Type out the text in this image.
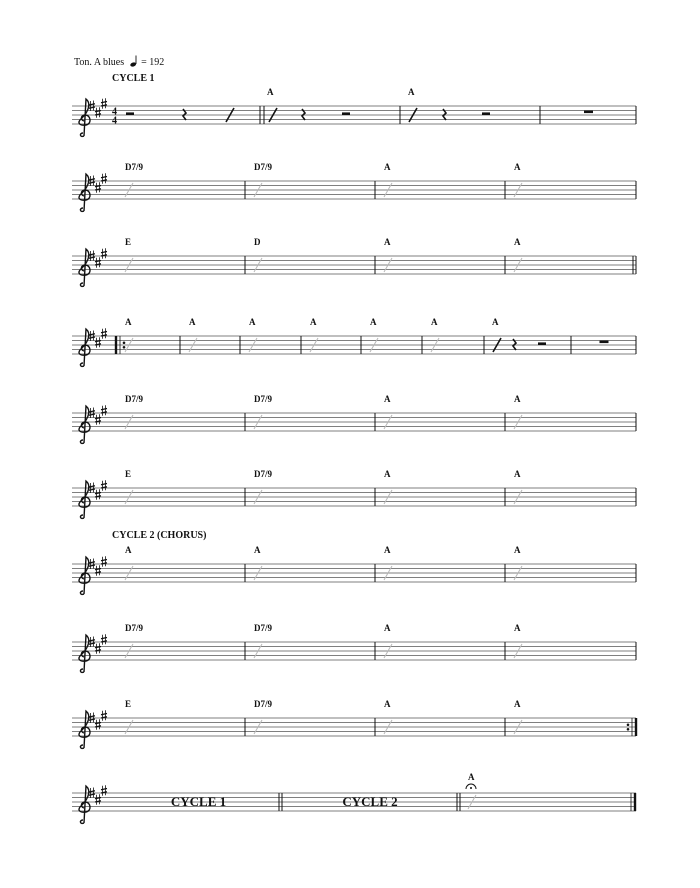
Ton. A blues = 192
CYCLE 1
CYCLE 2 (CHORUS)
4
4
A	A
D7/9	D7/9	A	A
E	D	A	A
A	A	A	A	A	A	A
D7/9	D7/9	A	A
E	D7/9	A	A
A	A	A	A
D7/9	D7/9	A	A
E	D7/9	A	A
CYCLE 1	CYCLE 2
A
